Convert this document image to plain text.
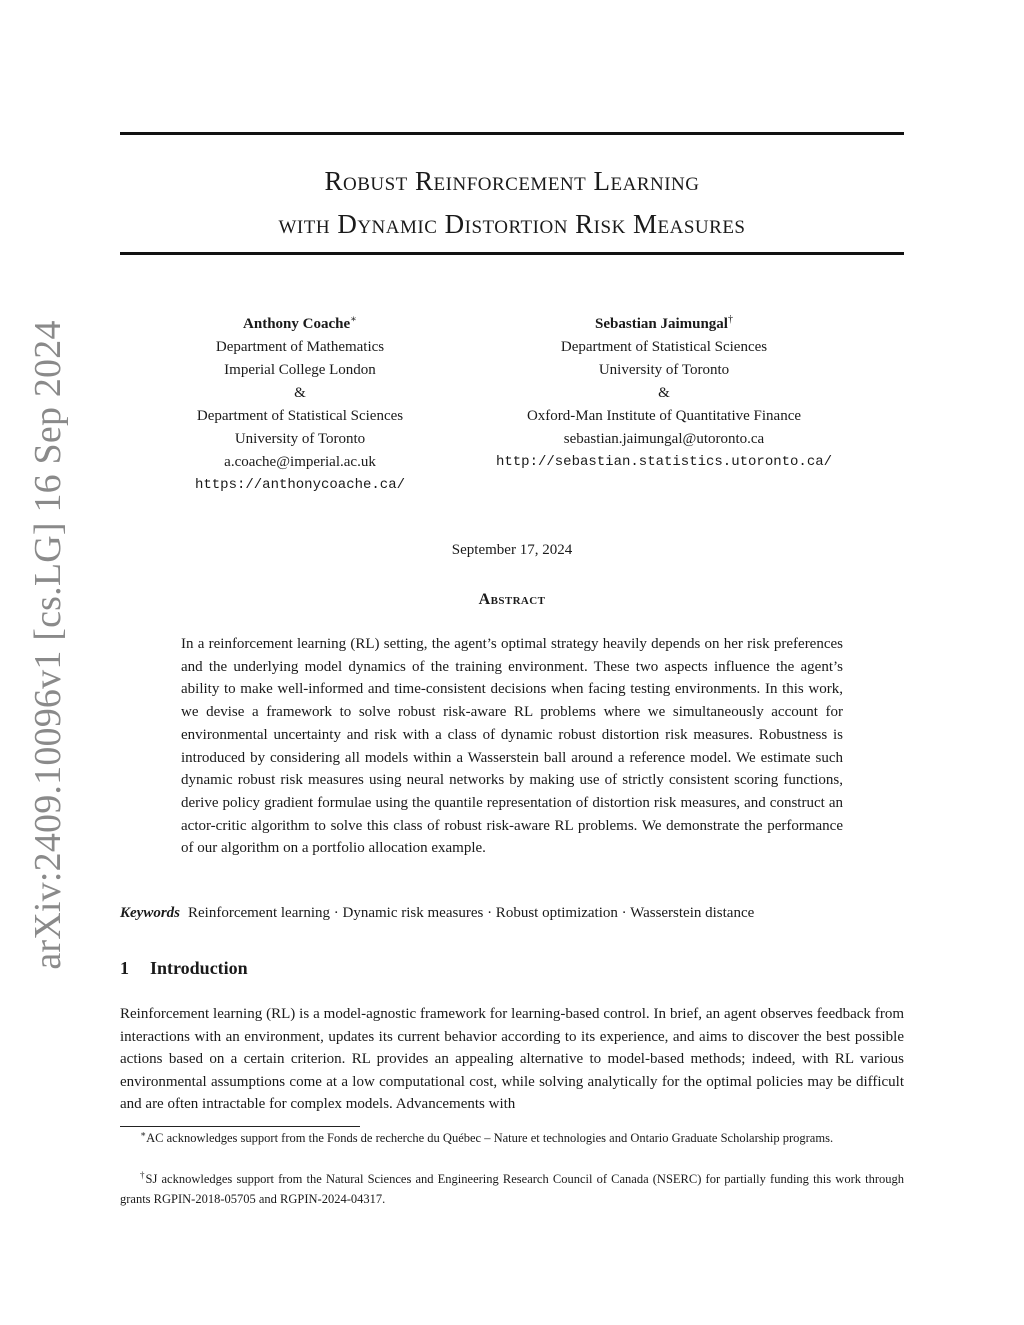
arXiv:2409.10096v1 [cs.LG] 16 Sep 2024
Robust Reinforcement Learning
with Dynamic Distortion Risk Measures
Anthony Coache∗
Department of Mathematics
Imperial College London
&
Department of Statistical Sciences
University of Toronto
a.coache@imperial.ac.uk
https://anthonycoache.ca/
Sebastian Jaimungal†
Department of Statistical Sciences
University of Toronto
&
Oxford-Man Institute of Quantitative Finance
sebastian.jaimungal@utoronto.ca
http://sebastian.statistics.utoronto.ca/
September 17, 2024
Abstract

In a reinforcement learning (RL) setting, the agent’s optimal strategy heavily depends on her risk preferences and the underlying model dynamics of the training environment. These two aspects influence the agent’s ability to make well-informed and time-consistent decisions when facing testing environments. In this work, we devise a framework to solve robust risk-aware RL problems where we simultaneously account for environmental uncertainty and risk with a class of dynamic robust distortion risk measures. Robustness is introduced by considering all models within a Wasserstein ball around a reference model. We estimate such dynamic robust risk measures using neural networks by making use of strictly consistent scoring functions, derive policy gradient formulae using the quantile representation of distortion risk measures, and construct an actor-critic algorithm to solve this class of robust risk-aware RL problems. We demonstrate the performance of our algorithm on a portfolio allocation example.

Keywords Reinforcement learning · Dynamic risk measures · Robust optimization · Wasserstein distance
1 Introduction

Reinforcement learning (RL) is a model-agnostic framework for learning-based control. In brief, an agent observes feedback from interactions with an environment, updates its current behavior according to its experience, and aims to discover the best possible actions based on a certain criterion. RL provides an appealing alternative to model-based methods; indeed, with RL various environmental assumptions come at a low computational cost, while solving analytically for the optimal policies may be difficult and are often intractable for complex models. Advancements with

∗AC acknowledges support from the Fonds de recherche du Québec – Nature et technologies and Ontario Graduate Scholarship programs.

†SJ acknowledges support from the Natural Sciences and Engineering Research Council of Canada (NSERC) for partially funding this work through grants RGPIN-2018-05705 and RGPIN-2024-04317.
